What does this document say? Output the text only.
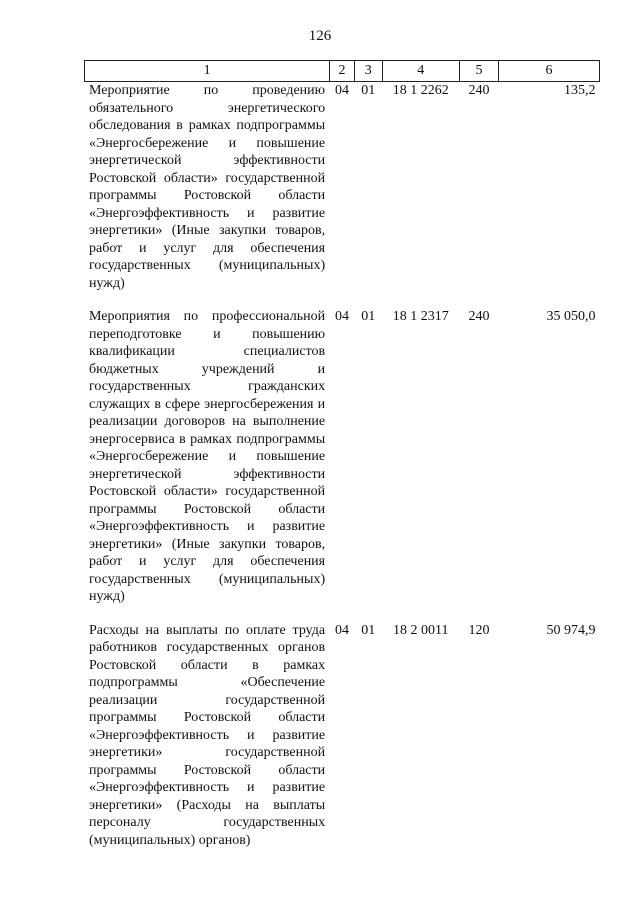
126
1	2	3	4	5	6
Мероприятие по проведению обязательного энергетического обследования в рамках подпрограммы «Энергосбережение и повышение энергетической эффективности Ростовской области» государственной программы Ростовской области «Энергоэффективность и развитие энергетики» (Иные закупки товаров, работ и услуг для обеспечения государственных (муниципальных) нужд)	04	01	18 1 2262	240	135,2
Мероприятия по профессиональной переподготовке и повышению квалификации специалистов бюджетных учреждений и государственных гражданских служащих в сфере энергосбережения и реализации договоров на выполнение энергосервиса в рамках подпрограммы «Энергосбережение и повышение энергетической эффективности Ростовской области» государственной программы Ростовской области «Энергоэффективность и развитие энергетики» (Иные закупки товаров, работ и услуг для обеспечения государственных (муниципальных) нужд)	04	01	18 1 2317	240	35 050,0
Расходы на выплаты по оплате труда работников государственных органов Ростовской области в рамках подпрограммы «Обеспечение реализации государственной программы Ростовской области «Энергоэффективность и развитие энергетики» государственной программы Ростовской области «Энергоэффективность и развитие энергетики» (Расходы на выплаты персоналу государственных (муниципальных) органов)	04	01	18 2 0011	120	50 974,9
